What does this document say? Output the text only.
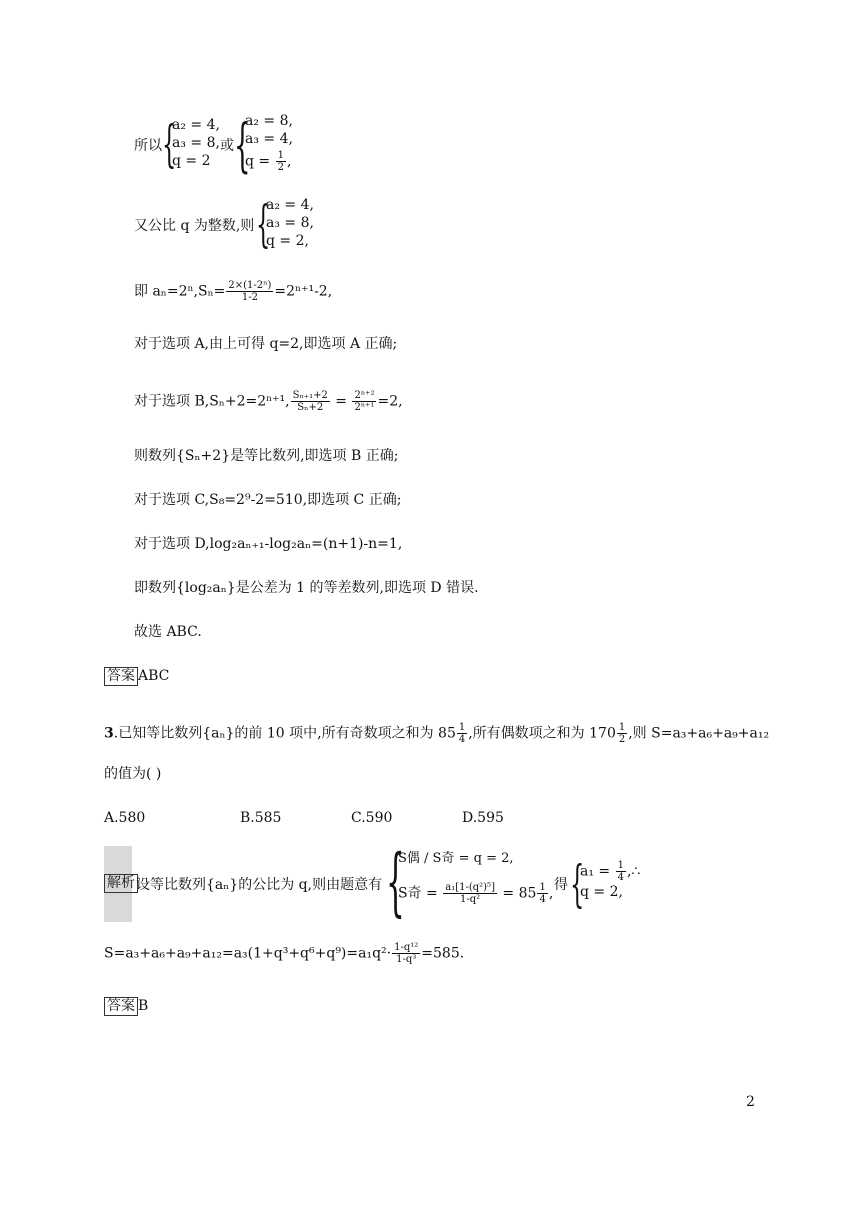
所以 {
a₂ = 4,
a₃ = 8,
q = 2
或 {
a₂ = 8,
a₃ = 4,
$q = \frac{1}{2}$ ,
又公比 q 为整数,则 {
a₂ = 4,
a₃ = 8,
q = 2,
即 $a_n=2^n,S_n= \frac{\text{2×(1-2ⁿ)}}{1-2} =2^{n+1}-2$,
对于选项 A,由上可得 q=2,即选项 A 正确;
对于选项 B,Sₙ+2=2ⁿ⁺¹, $\frac{\text{Sₙ₊₁+2}}{\text{Sₙ+2}} = \frac{\text{2ⁿ⁺²}}{\text{2ⁿ⁺¹}} =2$,
则数列{Sₙ+2}是等比数列,即选项 B 正确;
对于选项 C,S₈=2⁹-2=510,即选项 C 正确;
对于选项 D,log₂aₙ₊₁-log₂aₙ=(n+1)-n=1,
即数列{log₂aₙ}是公差为 1 的等差数列,即选项 D 错误.
故选 ABC.
答案 ABC
3.已知等比数列{aₙ}的前 10 项中,所有奇数项之和为 $85 \frac{1}{4}$ ,所有偶数项之和为 $170 \frac{1}{2}$ ,则 S=a₃+a₆+a₉+a₁₂
的值为( )
A.580	B.585	C.590	D.595
解析 设等比数列{aₙ}的公比为 q,则由题意有 {
S偶 / S奇 = q = 2,
S奇 = $\frac{\text{a₁[1-(q²)⁵]}}{\text{1-q²}} = 85 \frac{1}{4}$ ,
得 {
$a_1 = \frac{1}{4}$ ,∴
q = 2,
$S=a_3+a_6+a_9+a_{12}=a_3(1+q^3+q^6+q^9)=a_1q^2\cdot \frac{\text{1-q¹²}}{\text{1-q³}} =585$.
答案 B
2
